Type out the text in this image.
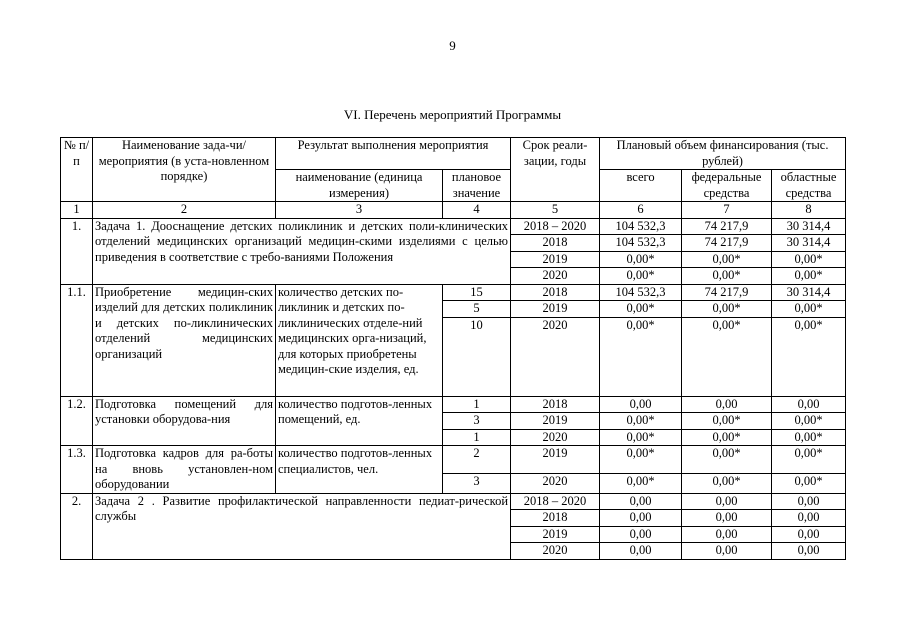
9
VI. Перечень мероприятий Программы
№ п/п	Наименование зада-чи/мероприятия (в уста-новленном порядке)	Результат выполнения мероприятия		Срок реали-зации, годы	Плановый объем финансирования (тыс. рублей)		
		наименование (единица измерения)	плановое значение		всего	федеральные средства	областные средства
1	2	3	4	5	6	7	8
1.	Задача 1. Дооснащение детских поликлиник и детских поли-клинических отделений медицинских организаций медицин-скими изделиями с целью приведения в соответствие с требо-ваниями Положения			2018 – 2020	104 532,3	74 217,9	30 314,4
				2018	104 532,3	74 217,9	30 314,4
				2019	0,00*	0,00*	0,00*
				2020	0,00*	0,00*	0,00*
1.1.	Приобретение медицин-ских изделий для детских поликлиник и детских по-ликлинических отделений медицинских организаций	количество детских по-ликлиник и детских по-ликлинических отделе-ний медицинских орга-низаций, для которых приобретены медицин-ские изделия, ед.	15	2018	104 532,3	74 217,9	30 314,4
			5	2019	0,00*	0,00*	0,00*
			10	2020	0,00*	0,00*	0,00*
1.2.	Подготовка помещений для установки оборудова-ния	количество подготов-ленных помещений, ед.	1	2018	0,00	0,00	0,00
			3	2019	0,00*	0,00*	0,00*
			1	2020	0,00*	0,00*	0,00*
1.3.	Подготовка кадров для ра-боты на вновь установлен-ном оборудовании	количество подготов-ленных специалистов, чел.	2	2019	0,00*	0,00*	0,00*
			3	2020	0,00*	0,00*	0,00*
2.	Задача 2 . Развитие профилактической направленности педиат-рической службы			2018 – 2020	0,00	0,00	0,00
				2018	0,00	0,00	0,00
				2019	0,00	0,00	0,00
				2020	0,00	0,00	0,00
